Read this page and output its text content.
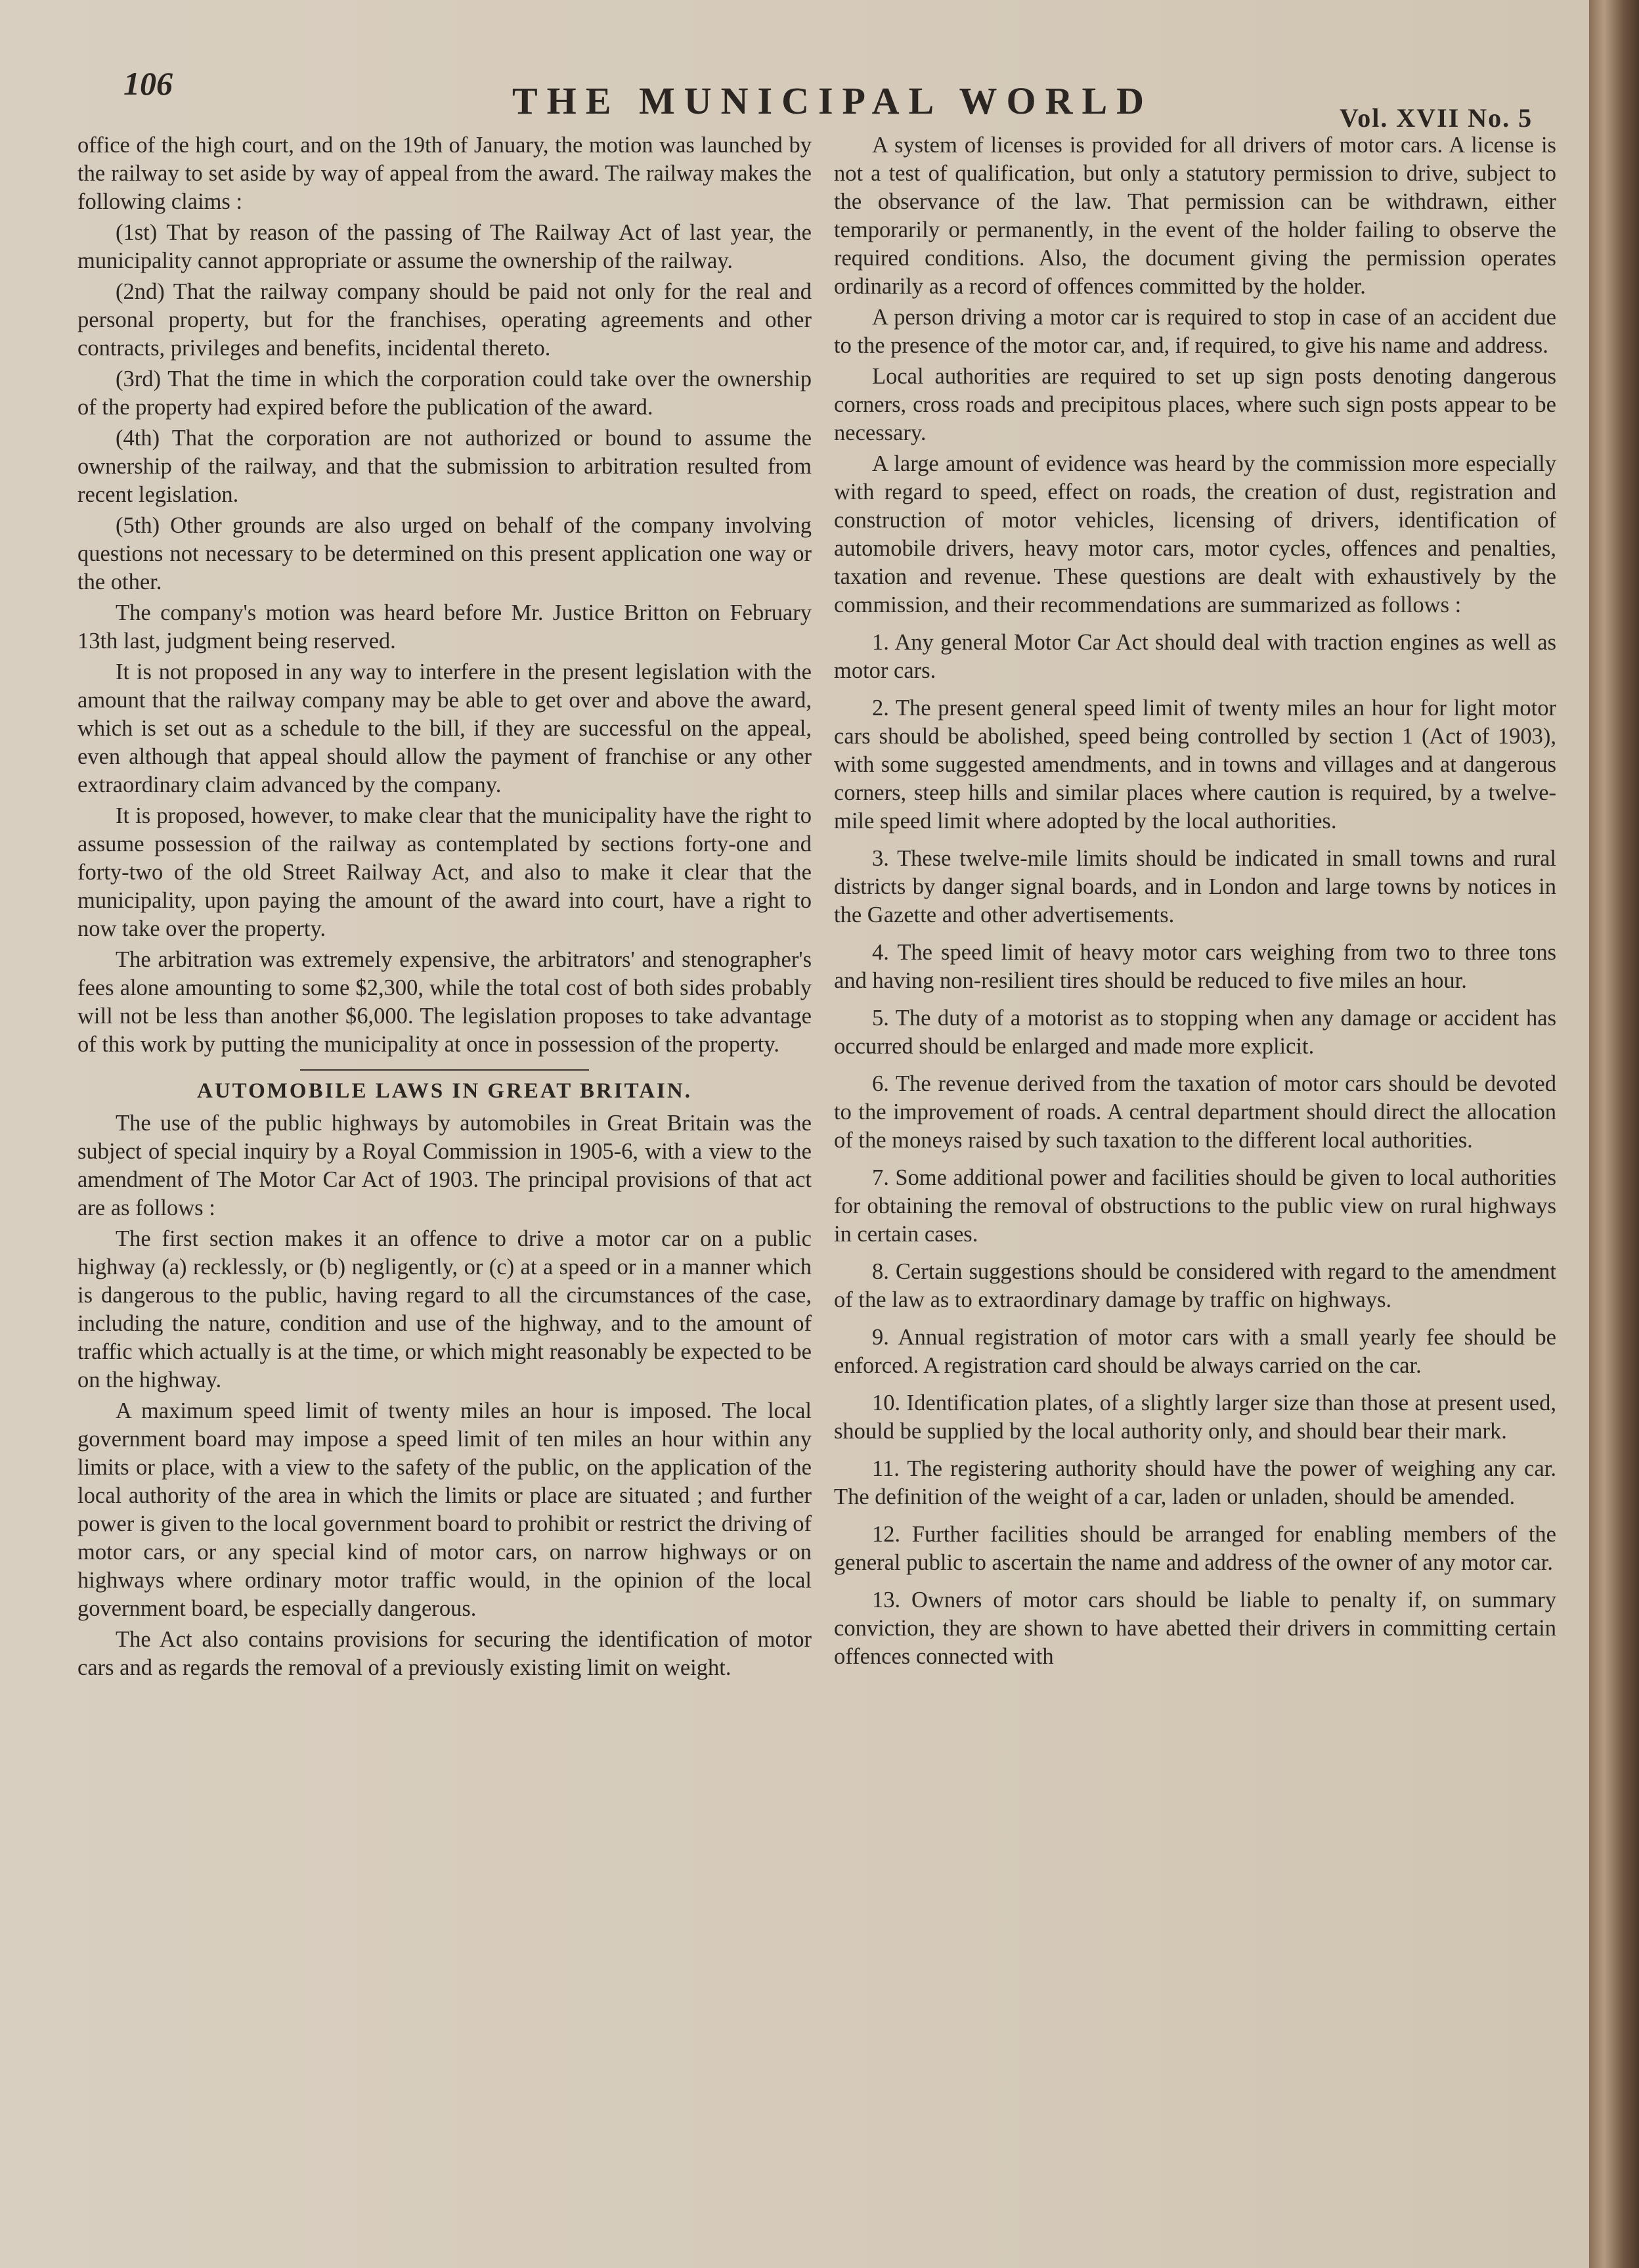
106	THE MUNICIPAL WORLD	Vol. XVII No. 5

office of the high court, and on the 19th of January, the motion was launched by the railway to set aside by way of appeal from the award. The railway makes the following claims :

(1st) That by reason of the passing of The Railway Act of last year, the municipality cannot appropriate or assume the ownership of the railway.

(2nd) That the railway company should be paid not only for the real and personal property, but for the franchises, operating agreements and other contracts, privileges and benefits, incidental thereto.

(3rd) That the time in which the corporation could take over the ownership of the property had expired before the publication of the award.

(4th) That the corporation are not authorized or bound to assume the ownership of the railway, and that the submission to arbitration resulted from recent legislation.

(5th) Other grounds are also urged on behalf of the company involving questions not necessary to be determined on this present application one way or the other.

The company's motion was heard before Mr. Justice Britton on February 13th last, judgment being reserved.

It is not proposed in any way to interfere in the present legislation with the amount that the railway company may be able to get over and above the award, which is set out as a schedule to the bill, if they are successful on the appeal, even although that appeal should allow the payment of franchise or any other extraordinary claim advanced by the company.

It is proposed, however, to make clear that the municipality have the right to assume possession of the railway as contemplated by sections forty-one and forty-two of the old Street Railway Act, and also to make it clear that the municipality, upon paying the amount of the award into court, have a right to now take over the property.

The arbitration was extremely expensive, the arbitrators' and stenographer's fees alone amounting to some $2,300, while the total cost of both sides probably will not be less than another $6,000. The legislation proposes to take advantage of this work by putting the municipality at once in possession of the property.

AUTOMOBILE LAWS IN GREAT BRITAIN.

The use of the public highways by automobiles in Great Britain was the subject of special inquiry by a Royal Commission in 1905-6, with a view to the amendment of The Motor Car Act of 1903. The principal provisions of that act are as follows :

The first section makes it an offence to drive a motor car on a public highway (a) recklessly, or (b) negligently, or (c) at a speed or in a manner which is dangerous to the public, having regard to all the circumstances of the case, including the nature, condition and use of the highway, and to the amount of traffic which actually is at the time, or which might reasonably be expected to be on the highway.

A maximum speed limit of twenty miles an hour is imposed. The local government board may impose a speed limit of ten miles an hour within any limits or place, with a view to the safety of the public, on the application of the local authority of the area in which the limits or place are situated ; and further power is given to the local government board to prohibit or restrict the driving of motor cars, or any special kind of motor cars, on narrow highways or on highways where ordinary motor traffic would, in the opinion of the local government board, be especially dangerous.

The Act also contains provisions for securing the identification of motor cars and as regards the removal of a previously existing limit on weight.

A system of licenses is provided for all drivers of motor cars. A license is not a test of qualification, but only a statutory permission to drive, subject to the observance of the law. That permission can be withdrawn, either temporarily or permanently, in the event of the holder failing to observe the required conditions. Also, the document giving the permission operates ordinarily as a record of offences committed by the holder.

A person driving a motor car is required to stop in case of an accident due to the presence of the motor car, and, if required, to give his name and address.

Local authorities are required to set up sign posts denoting dangerous corners, cross roads and precipitous places, where such sign posts appear to be necessary.

A large amount of evidence was heard by the commission more especially with regard to speed, effect on roads, the creation of dust, registration and construction of motor vehicles, licensing of drivers, identification of automobile drivers, heavy motor cars, motor cycles, offences and penalties, taxation and revenue. These questions are dealt with exhaustively by the commission, and their recommendations are summarized as follows :

1. Any general Motor Car Act should deal with traction engines as well as motor cars.

2. The present general speed limit of twenty miles an hour for light motor cars should be abolished, speed being controlled by section 1 (Act of 1903), with some suggested amendments, and in towns and villages and at dangerous corners, steep hills and similar places where caution is required, by a twelve-mile speed limit where adopted by the local authorities.

3. These twelve-mile limits should be indicated in small towns and rural districts by danger signal boards, and in London and large towns by notices in the Gazette and other advertisements.

4. The speed limit of heavy motor cars weighing from two to three tons and having non-resilient tires should be reduced to five miles an hour.

5. The duty of a motorist as to stopping when any damage or accident has occurred should be enlarged and made more explicit.

6. The revenue derived from the taxation of motor cars should be devoted to the improvement of roads. A central department should direct the allocation of the moneys raised by such taxation to the different local authorities.

7. Some additional power and facilities should be given to local authorities for obtaining the removal of obstructions to the public view on rural highways in certain cases.

8. Certain suggestions should be considered with regard to the amendment of the law as to extraordinary damage by traffic on highways.

9. Annual registration of motor cars with a small yearly fee should be enforced. A registration card should be always carried on the car.

10. Identification plates, of a slightly larger size than those at present used, should be supplied by the local authority only, and should bear their mark.

11. The registering authority should have the power of weighing any car. The definition of the weight of a car, laden or unladen, should be amended.

12. Further facilities should be arranged for enabling members of the general public to ascertain the name and address of the owner of any motor car.

13. Owners of motor cars should be liable to penalty if, on summary conviction, they are shown to have abetted their drivers in committing certain offences connected with
